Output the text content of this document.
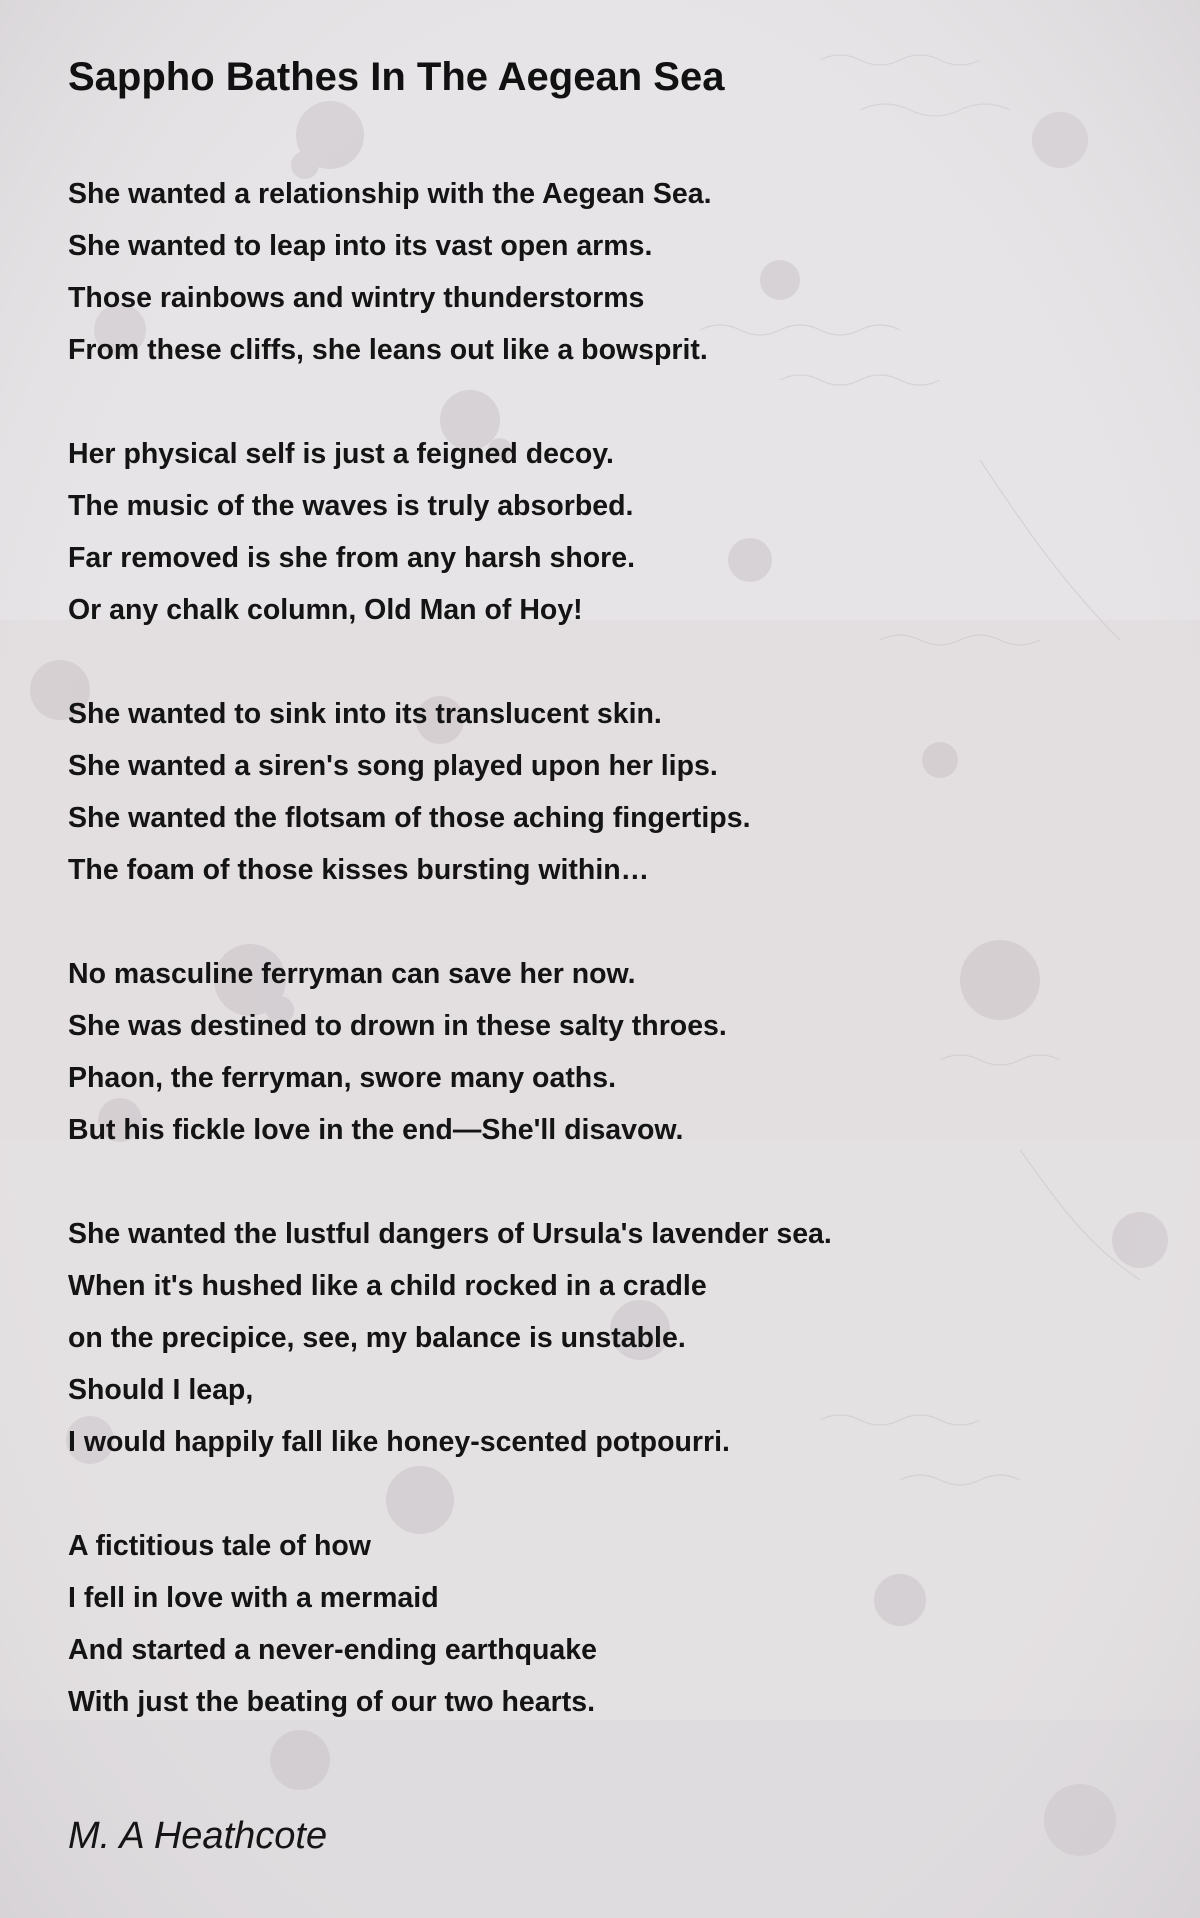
Sappho Bathes In The Aegean Sea
She wanted a relationship with the Aegean Sea.
She wanted to leap into its vast open arms.
Those rainbows and wintry thunderstorms
From these cliffs, she leans out like a bowsprit.
Her physical self is just a feigned decoy.
The music of the waves is truly absorbed.
Far removed is she from any harsh shore.
Or any chalk column, Old Man of Hoy!
She wanted to sink into its translucent skin.
She wanted a siren's song played upon her lips.
She wanted the flotsam of those aching fingertips.
The foam of those kisses bursting within…
No masculine ferryman can save her now.
She was destined to drown in these salty throes.
Phaon, the ferryman, swore many oaths.
But his fickle love in the end—She'll disavow.
She wanted the lustful dangers of Ursula's lavender sea.
When it's hushed like a child rocked in a cradle
on the precipice, see, my balance is unstable.
Should I leap,
I would happily fall like honey-scented potpourri.
A fictitious tale of how
I fell in love with a mermaid
And started a never-ending earthquake
With just the beating of our two hearts.
M. A Heathcote
